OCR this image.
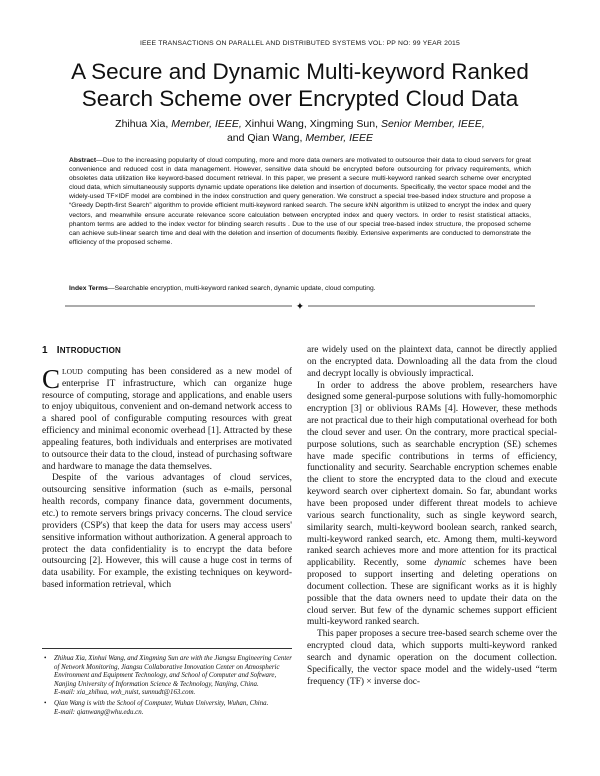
IEEE TRANSACTIONS ON PARALLEL AND DISTRIBUTED SYSTEMS VOL: PP NO: 99 YEAR 2015
A Secure and Dynamic Multi-keyword Ranked
Search Scheme over Encrypted Cloud Data
Zhihua Xia, Member, IEEE, Xinhui Wang, Xingming Sun, Senior Member, IEEE,
and Qian Wang, Member, IEEE

Abstract—Due to the increasing popularity of cloud computing, more and more data owners are motivated to outsource their data to cloud servers for great convenience and reduced cost in data management. However, sensitive data should be encrypted before outsourcing for privacy requirements, which obsoletes data utilization like keyword-based document retrieval. In this paper, we present a secure multi-keyword ranked search scheme over encrypted cloud data, which simultaneously supports dynamic update operations like deletion and insertion of documents. Specifically, the vector space model and the widely-used TF×IDF model are combined in the index construction and query generation. We construct a special tree-based index structure and propose a “Greedy Depth-first Search” algorithm to provide efficient multi-keyword ranked search. The secure kNN algorithm is utilized to encrypt the index and query vectors, and meanwhile ensure accurate relevance score calculation between encrypted index and query vectors. In order to resist statistical attacks, phantom terms are added to the index vector for blinding search results . Due to the use of our special tree-based index structure, the proposed scheme can achieve sub-linear search time and deal with the deletion and insertion of documents flexibly. Extensive experiments are conducted to demonstrate the efficiency of the proposed scheme.

Index Terms—Searchable encryption, multi-keyword ranked search, dynamic update, cloud computing.

✦
1 INTRODUCTION

CLOUD computing has been considered as a new model of enterprise IT infrastructure, which can organize huge resource of computing, storage and applications, and enable users to enjoy ubiquitous, convenient and on-demand network access to a shared pool of configurable computing resources with great efficiency and minimal economic overhead [1]. Attracted by these appealing features, both individuals and enterprises are motivated to outsource their data to the cloud, instead of purchasing software and hardware to manage the data themselves.

Despite of the various advantages of cloud services, outsourcing sensitive information (such as e-mails, personal health records, company finance data, government documents, etc.) to remote servers brings privacy concerns. The cloud service providers (CSP's) that keep the data for users may access users' sensitive information without authorization. A general approach to protect the data confidentiality is to encrypt the data before outsourcing [2]. However, this will cause a huge cost in terms of data usability. For example, the existing techniques on keyword-based information retrieval, which

• Zhihua Xia, Xinhui Wang, and Xingming Sun are with the Jiangsu Engineering Center of Network Monitoring, Jiangsu Collaborative Innovation Center on Atmospheric Environment and Equipment Technology, and School of Computer and Software, Nanjing University of Information Science & Technology, Nanjing, China.
E-mail: xia_zhihua, wxh_nuist, sunnudt@163.com.
• Qian Wang is with the School of Computer, Wuhan University, Wuhan, China.
E-mail: qianwang@whu.edu.cn.

are widely used on the plaintext data, cannot be directly applied on the encrypted data. Downloading all the data from the cloud and decrypt locally is obviously impractical.

In order to address the above problem, researchers have designed some general-purpose solutions with fully-homomorphic encryption [3] or oblivious RAMs [4]. However, these methods are not practical due to their high computational overhead for both the cloud sever and user. On the contrary, more practical special-purpose solutions, such as searchable encryption (SE) schemes have made specific contributions in terms of efficiency, functionality and security. Searchable encryption schemes enable the client to store the encrypted data to the cloud and execute keyword search over ciphertext domain. So far, abundant works have been proposed under different threat models to achieve various search functionality, such as single keyword search, similarity search, multi-keyword boolean search, ranked search, multi-keyword ranked search, etc. Among them, multi-keyword ranked search achieves more and more attention for its practical applicability. Recently, some dynamic schemes have been proposed to support inserting and deleting operations on document collection. These are significant works as it is highly possible that the data owners need to update their data on the cloud server. But few of the dynamic schemes support efficient multi-keyword ranked search.

This paper proposes a secure tree-based search scheme over the encrypted cloud data, which supports multi-keyword ranked search and dynamic operation on the document collection. Specifically, the vector space model and the widely-used “term frequency (TF) × inverse doc-
